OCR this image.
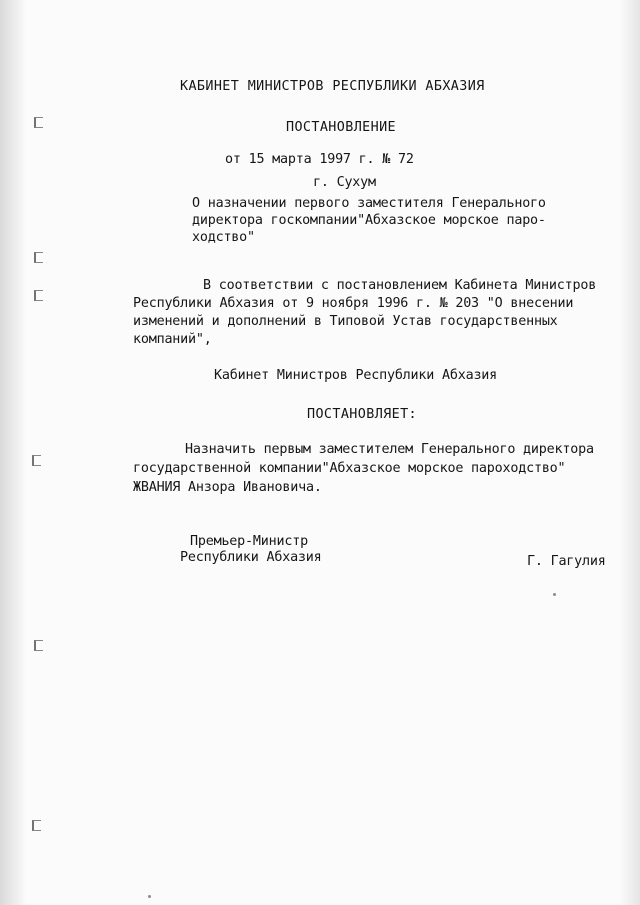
КАБИНЕТ МИНИСТРОВ РЕСПУБЛИКИ АБХАЗИЯ
ПОСТАНОВЛЕНИЕ
от 15 марта 1997 г. № 72
г. Сухум
О назначении первого заместителя Генерального
директора госкомпании"Абхазское морское паро-
ходство"
В соответствии с постановлением Кабинета Министров
Республики Абхазия от 9 ноября 1996 г. № 203 "О внесении
изменений и дополнений в Типовой Устав государственных
компаний",
Кабинет Министров Республики Абхазия
ПОСТАНОВЛЯЕТ:
Назначить первым заместителем Генерального директора
государственной компании"Абхазское морское пароходство"
ЖВАНИЯ Анзора Ивановича.
Премьер-Министр
Республики Абхазия	Г. Гагулия
